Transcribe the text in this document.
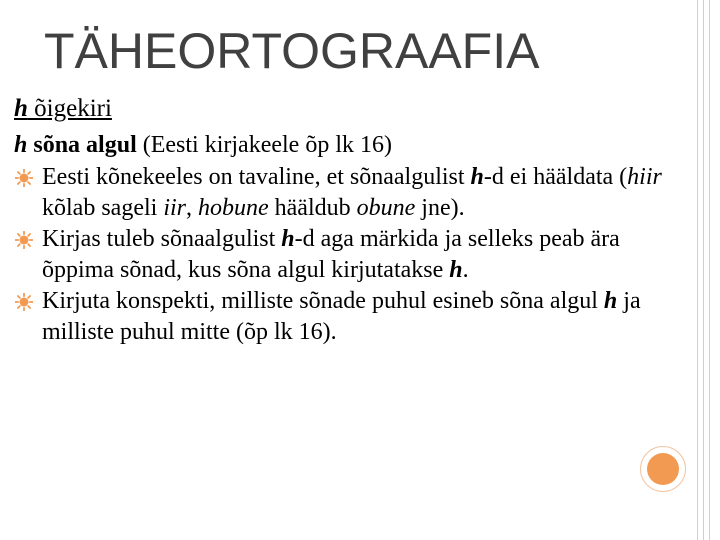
TÄHEORTOGRAAFIA

h õigekiri

h sõna algul (Eesti kirjakeele õp lk 16)

Eesti kõnekeeles on tavaline, et sõnaalgulist h-d ei hääldata (hiir kõlab sageli iir, hobune hääldub obune jne).
Kirjas tuleb sõnaalgulist h-d aga märkida ja selleks peab ära õppima sõnad, kus sõna algul kirjutatakse h.
Kirjuta konspekti, milliste sõnade puhul esineb sõna algul h ja milliste puhul mitte (õp lk 16).
